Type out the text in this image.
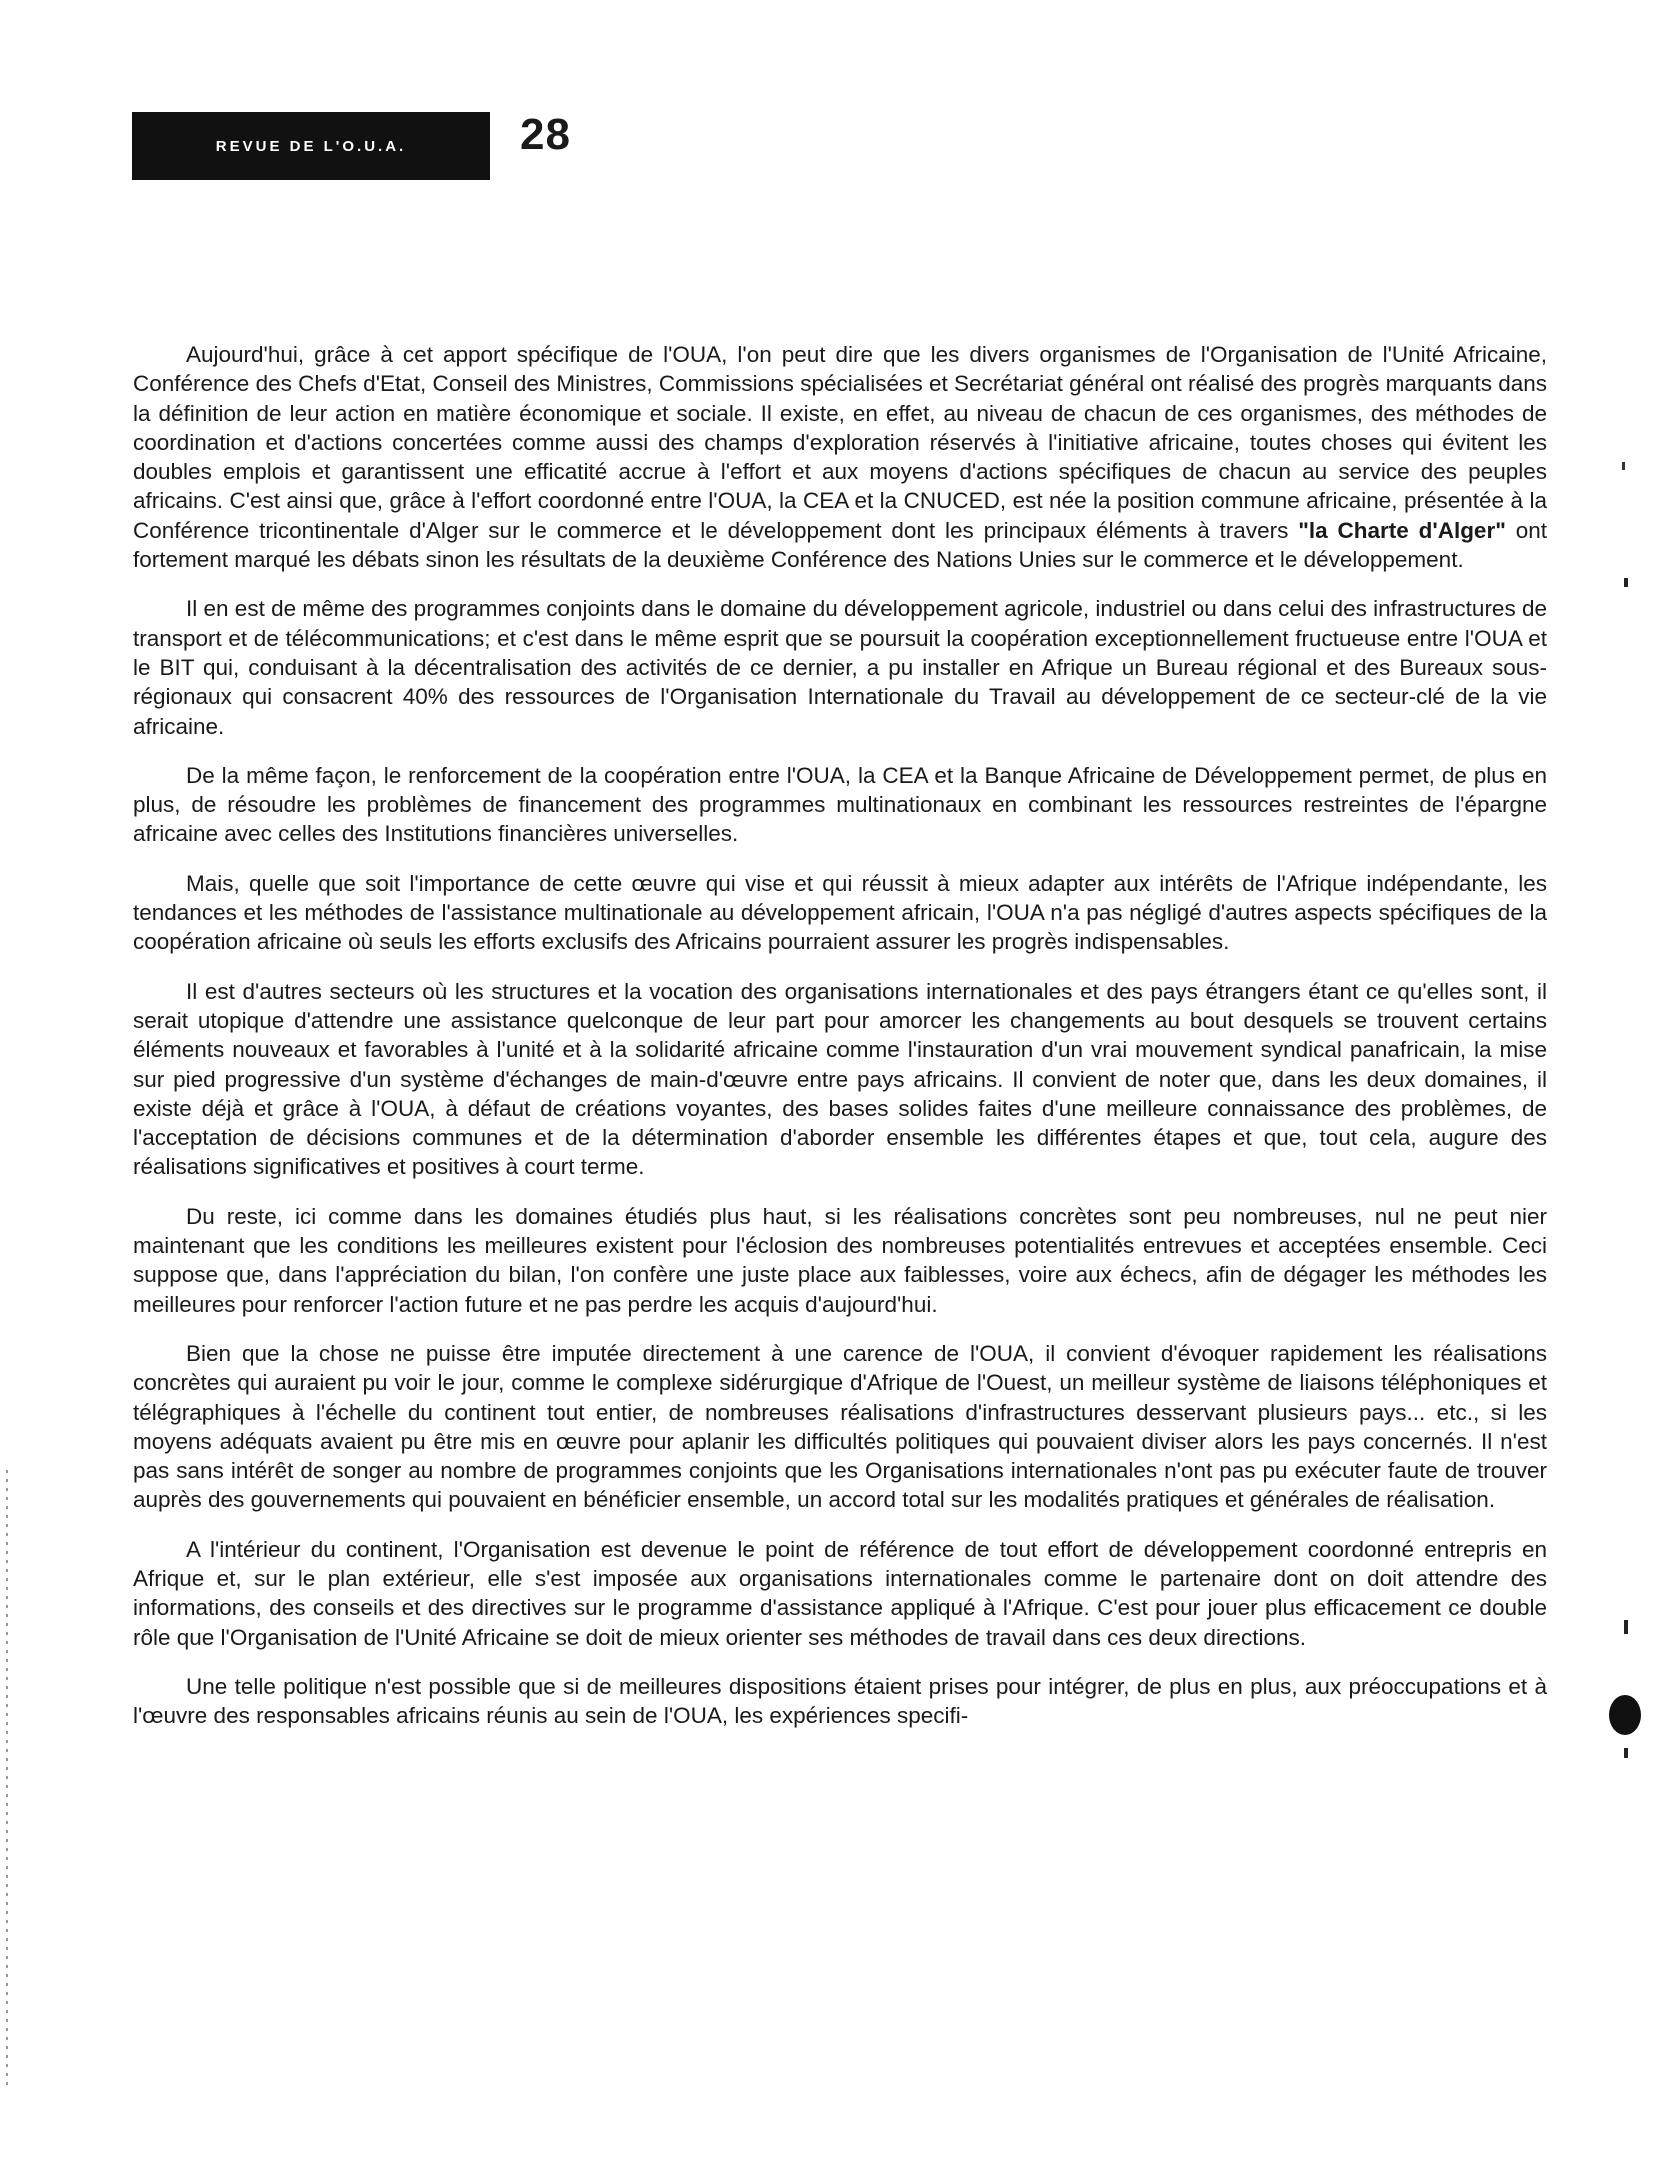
REVUE DE L'O.U.A.	28

Aujourd'hui, grâce à cet apport spécifique de l'OUA, l'on peut dire que les divers organismes de l'Organisation de l'Unité Africaine, Conférence des Chefs d'Etat, Conseil des Ministres, Commissions spécialisées et Secrétariat général ont réalisé des progrès marquants dans la définition de leur action en matière économique et sociale. Il existe, en effet, au niveau de chacun de ces organismes, des méthodes de coordination et d'actions concertées comme aussi des champs d'exploration réservés à l'initiative africaine, toutes choses qui évitent les doubles emplois et garantissent une efficatité accrue à l'effort et aux moyens d'actions spécifiques de chacun au service des peuples africains. C'est ainsi que, grâce à l'effort coordonné entre l'OUA, la CEA et la CNUCED, est née la position commune africaine, présentée à la Conférence tricontinentale d'Alger sur le commerce et le développement dont les principaux éléments à travers "la Charte d'Alger" ont fortement marqué les débats sinon les résultats de la deuxième Conférence des Nations Unies sur le commerce et le développement.

Il en est de même des programmes conjoints dans le domaine du développement agricole, industriel ou dans celui des infrastructures de transport et de télécommunications; et c'est dans le même esprit que se poursuit la coopération exceptionnellement fructueuse entre l'OUA et le BIT qui, conduisant à la décentralisation des activités de ce dernier, a pu installer en Afrique un Bureau régional et des Bureaux sous-régionaux qui consacrent 40% des ressources de l'Organisation Internationale du Travail au développement de ce secteur-clé de la vie africaine.

De la même façon, le renforcement de la coopération entre l'OUA, la CEA et la Banque Africaine de Développement permet, de plus en plus, de résoudre les problèmes de financement des programmes multinationaux en combinant les ressources restreintes de l'épargne africaine avec celles des Institutions financières universelles.

Mais, quelle que soit l'importance de cette œuvre qui vise et qui réussit à mieux adapter aux intérêts de l'Afrique indépendante, les tendances et les méthodes de l'assistance multinationale au développement africain, l'OUA n'a pas négligé d'autres aspects spécifiques de la coopération africaine où seuls les efforts exclusifs des Africains pourraient assurer les progrès indispensables.

Il est d'autres secteurs où les structures et la vocation des organisations internationales et des pays étrangers étant ce qu'elles sont, il serait utopique d'attendre une assistance quelconque de leur part pour amorcer les changements au bout desquels se trouvent certains éléments nouveaux et favorables à l'unité et à la solidarité africaine comme l'instauration d'un vrai mouvement syndical panafricain, la mise sur pied progressive d'un système d'échanges de main-d'œuvre entre pays africains. Il convient de noter que, dans les deux domaines, il existe déjà et grâce à l'OUA, à défaut de créations voyantes, des bases solides faites d'une meilleure connaissance des problèmes, de l'acceptation de décisions communes et de la détermination d'aborder ensemble les différentes étapes et que, tout cela, augure des réalisations significatives et positives à court terme.

Du reste, ici comme dans les domaines étudiés plus haut, si les réalisations concrètes sont peu nombreuses, nul ne peut nier maintenant que les conditions les meilleures existent pour l'éclosion des nombreuses potentialités entrevues et acceptées ensemble. Ceci suppose que, dans l'appréciation du bilan, l'on confère une juste place aux faiblesses, voire aux échecs, afin de dégager les méthodes les meilleures pour renforcer l'action future et ne pas perdre les acquis d'aujourd'hui.

Bien que la chose ne puisse être imputée directement à une carence de l'OUA, il convient d'évoquer rapidement les réalisations concrètes qui auraient pu voir le jour, comme le complexe sidérurgique d'Afrique de l'Ouest, un meilleur système de liaisons téléphoniques et télégraphiques à l'échelle du continent tout entier, de nombreuses réalisations d'infrastructures desservant plusieurs pays... etc., si les moyens adéquats avaient pu être mis en œuvre pour aplanir les difficultés politiques qui pouvaient diviser alors les pays concernés. Il n'est pas sans intérêt de songer au nombre de programmes conjoints que les Organisations internationales n'ont pas pu exécuter faute de trouver auprès des gouvernements qui pouvaient en bénéficier ensemble, un accord total sur les modalités pratiques et générales de réalisation.

A l'intérieur du continent, l'Organisation est devenue le point de référence de tout effort de développement coordonné entrepris en Afrique et, sur le plan extérieur, elle s'est imposée aux organisations internationales comme le partenaire dont on doit attendre des informations, des conseils et des directives sur le programme d'assistance appliqué à l'Afrique. C'est pour jouer plus efficacement ce double rôle que l'Organisation de l'Unité Africaine se doit de mieux orienter ses méthodes de travail dans ces deux directions.

Une telle politique n'est possible que si de meilleures dispositions étaient prises pour intégrer, de plus en plus, aux préoccupations et à l'œuvre des responsables africains réunis au sein de l'OUA, les expériences specifi-
